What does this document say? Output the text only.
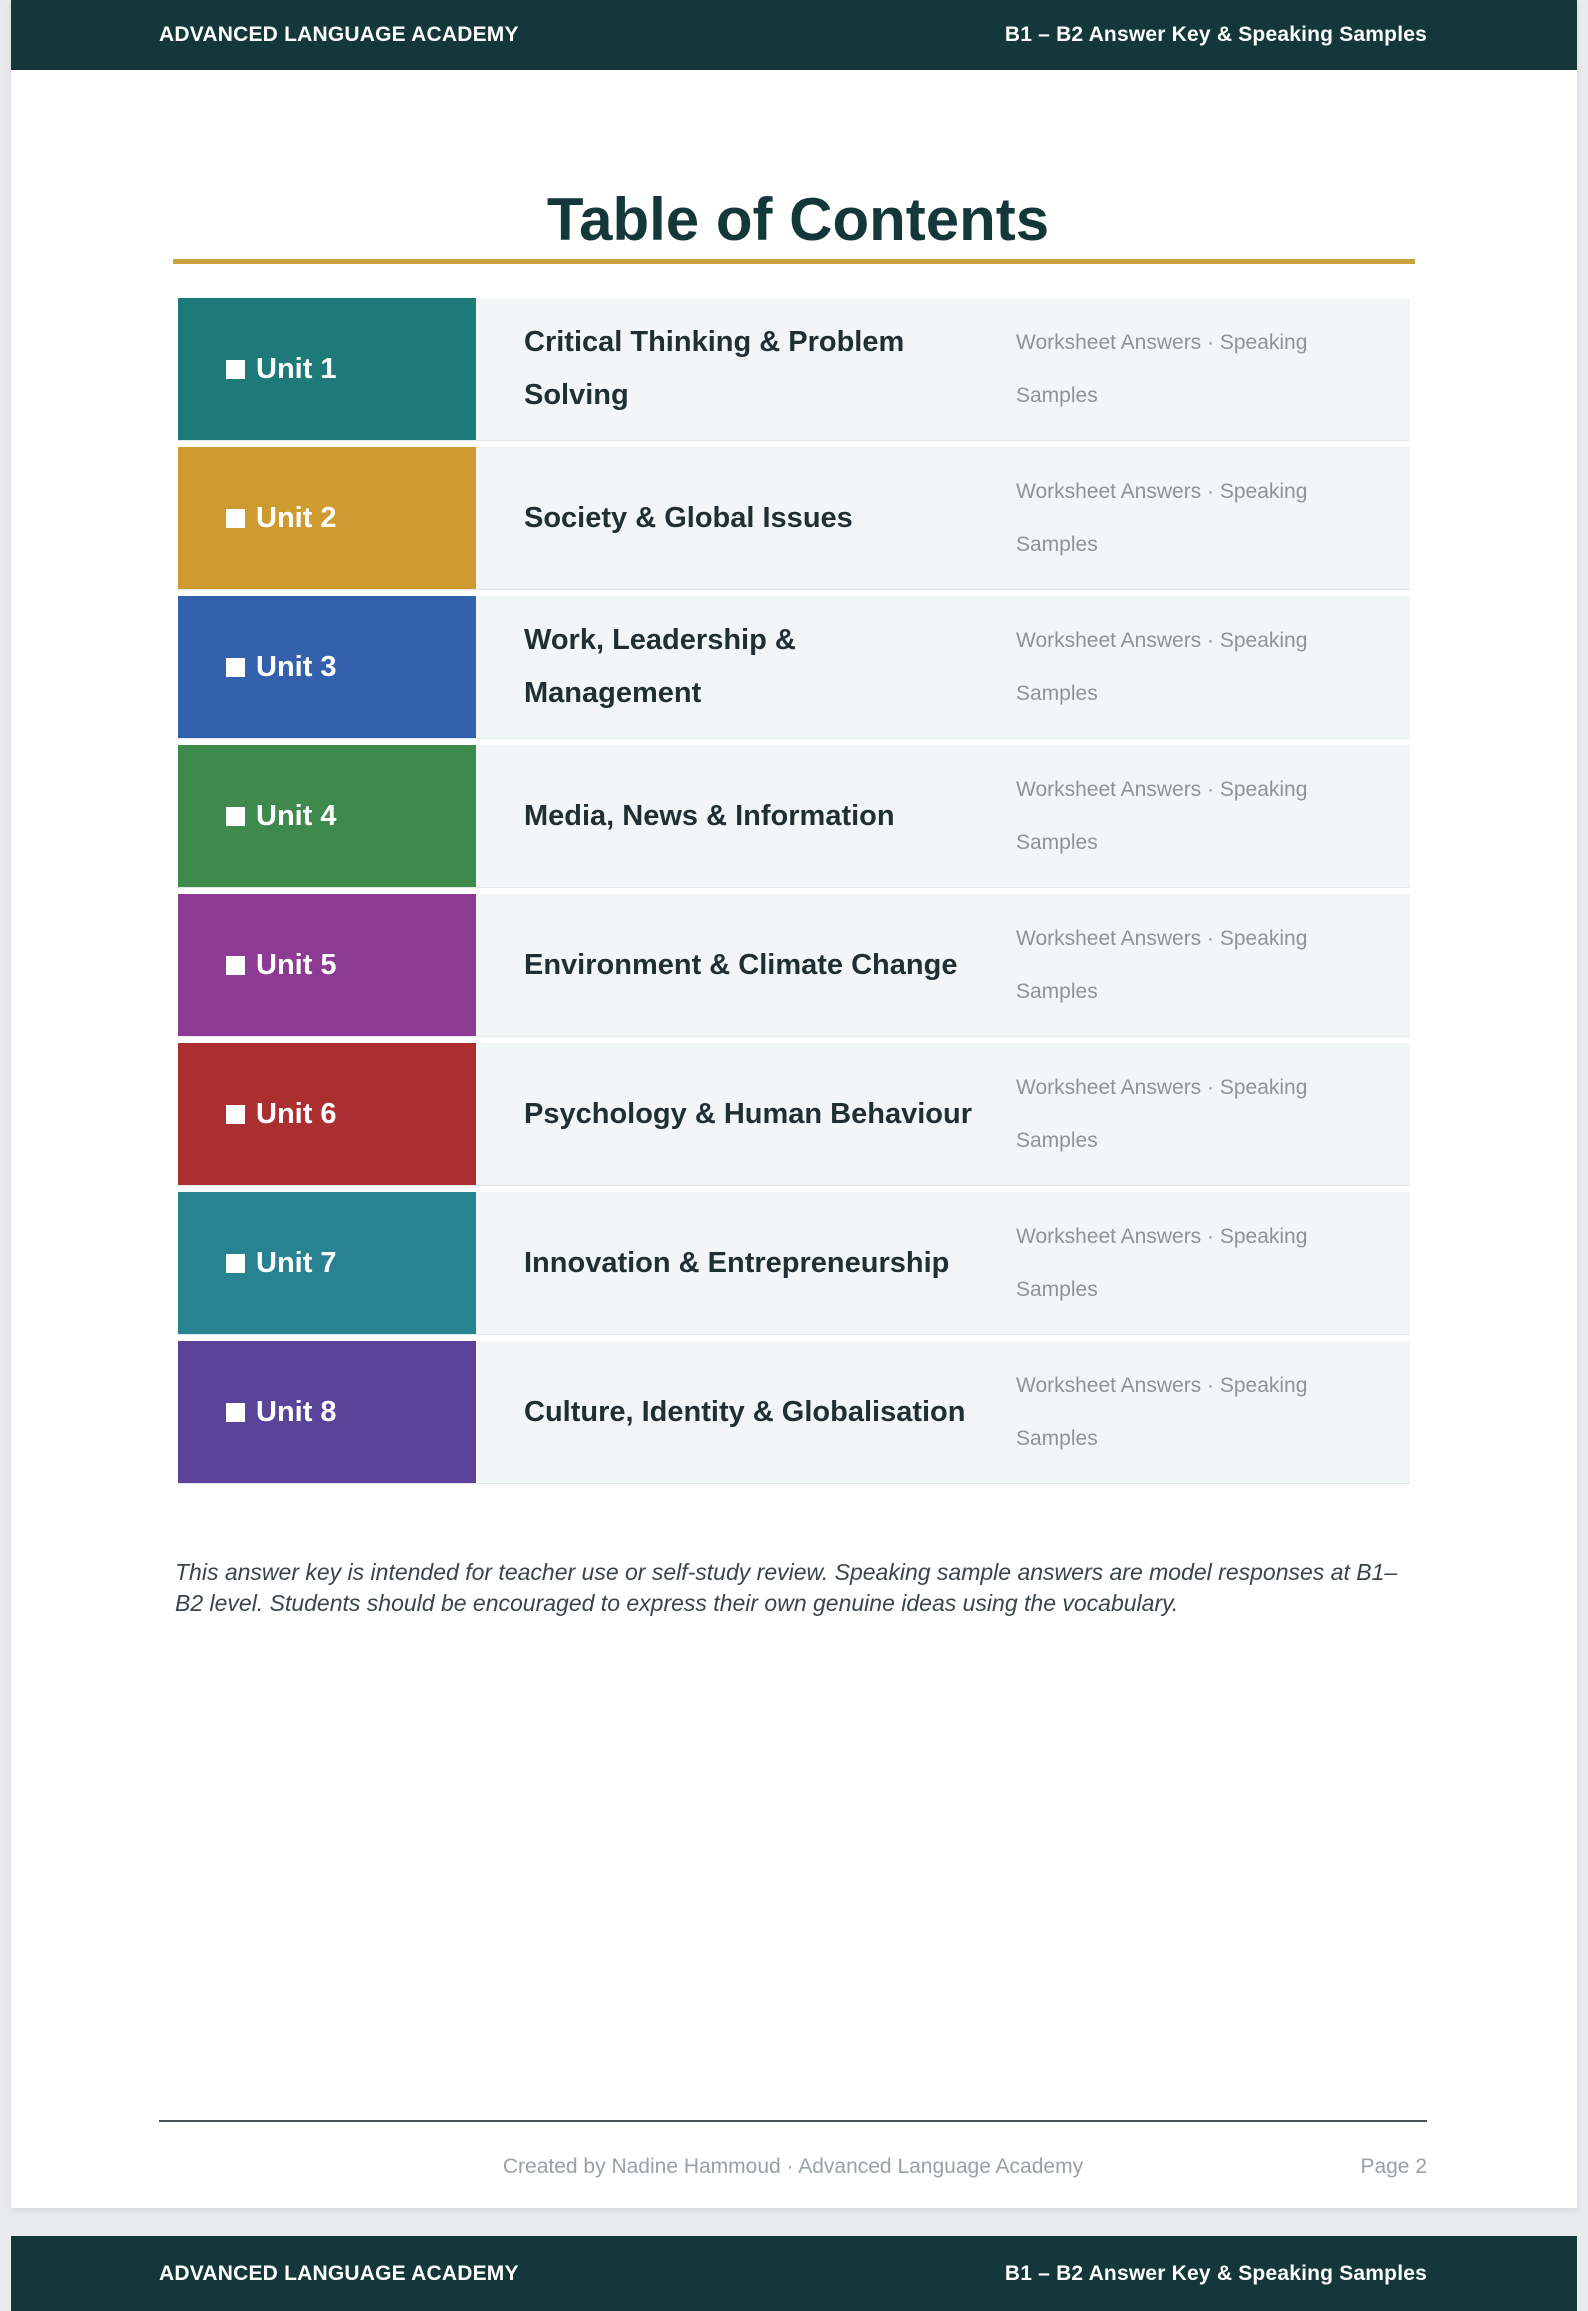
ADVANCED LANGUAGE ACADEMY	B1 – B2 Answer Key & Speaking Samples
Table of Contents
Unit 1
Critical Thinking & Problem Solving
Worksheet Answers · Speaking Samples
Unit 2	Society & Global Issues
Worksheet Answers · Speaking Samples
Unit 3
Work, Leadership & Management
Worksheet Answers · Speaking Samples
Unit 4	Media, News & Information
Worksheet Answers · Speaking Samples
Unit 5	Environment & Climate Change
Worksheet Answers · Speaking Samples
Unit 6	Psychology & Human Behaviour
Worksheet Answers · Speaking Samples
Unit 7	Innovation & Entrepreneurship
Worksheet Answers · Speaking Samples
Unit 8	Culture, Identity & Globalisation
Worksheet Answers · Speaking Samples

This answer key is intended for teacher use or self-study review. Speaking sample answers are model responses at B1–B2 level. Students should be encouraged to express their own genuine ideas using the vocabulary.

Created by Nadine Hammoud · Advanced Language Academy	Page 2
ADVANCED LANGUAGE ACADEMY	B1 – B2 Answer Key & Speaking Samples
